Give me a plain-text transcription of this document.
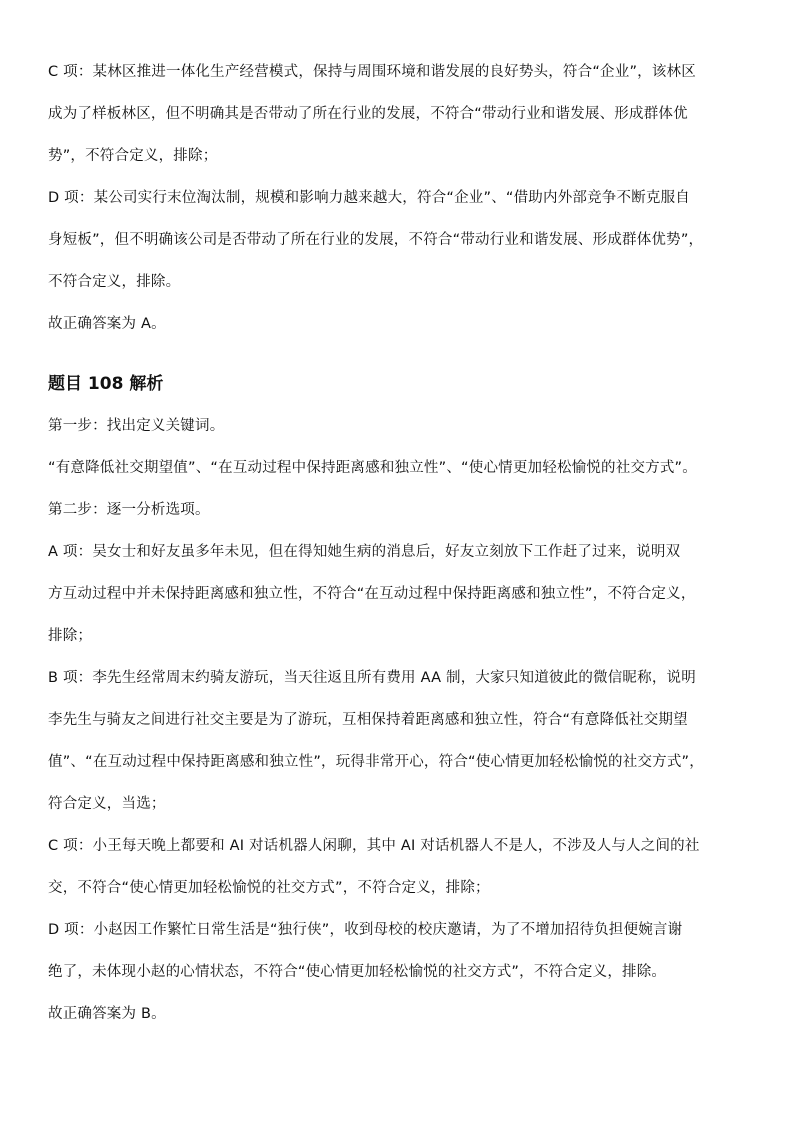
C 项：某林区推进一体化生产经营模式，保持与周围环境和谐发展的良好势头，符合“企业”，该林区
成为了样板林区，但不明确其是否带动了所在行业的发展，不符合“带动行业和谐发展、形成群体优
势”，不符合定义，排除；
D 项：某公司实行末位淘汰制，规模和影响力越来越大，符合“企业”、“借助内外部竞争不断克服自
身短板”，但不明确该公司是否带动了所在行业的发展，不符合“带动行业和谐发展、形成群体优势”，
不符合定义，排除。
故正确答案为 A。
题目 108 解析
第一步：找出定义关键词。
“有意降低社交期望值”、“在互动过程中保持距离感和独立性”、“使心情更加轻松愉悦的社交方式”。
第二步：逐一分析选项。
A 项：吴女士和好友虽多年未见，但在得知她生病的消息后，好友立刻放下工作赶了过来，说明双
方互动过程中并未保持距离感和独立性，不符合“在互动过程中保持距离感和独立性”，不符合定义，
排除；
B 项：李先生经常周末约骑友游玩，当天往返且所有费用 AA 制，大家只知道彼此的微信昵称，说明
李先生与骑友之间进行社交主要是为了游玩，互相保持着距离感和独立性，符合“有意降低社交期望
值”、“在互动过程中保持距离感和独立性”，玩得非常开心，符合“使心情更加轻松愉悦的社交方式”，
符合定义，当选；
C 项：小王每天晚上都要和 AI 对话机器人闲聊，其中 AI 对话机器人不是人，不涉及人与人之间的社
交，不符合“使心情更加轻松愉悦的社交方式”，不符合定义，排除；
D 项：小赵因工作繁忙日常生活是“独行侠”，收到母校的校庆邀请，为了不增加招待负担便婉言谢
绝了，未体现小赵的心情状态，不符合“使心情更加轻松愉悦的社交方式”，不符合定义，排除。
故正确答案为 B。
